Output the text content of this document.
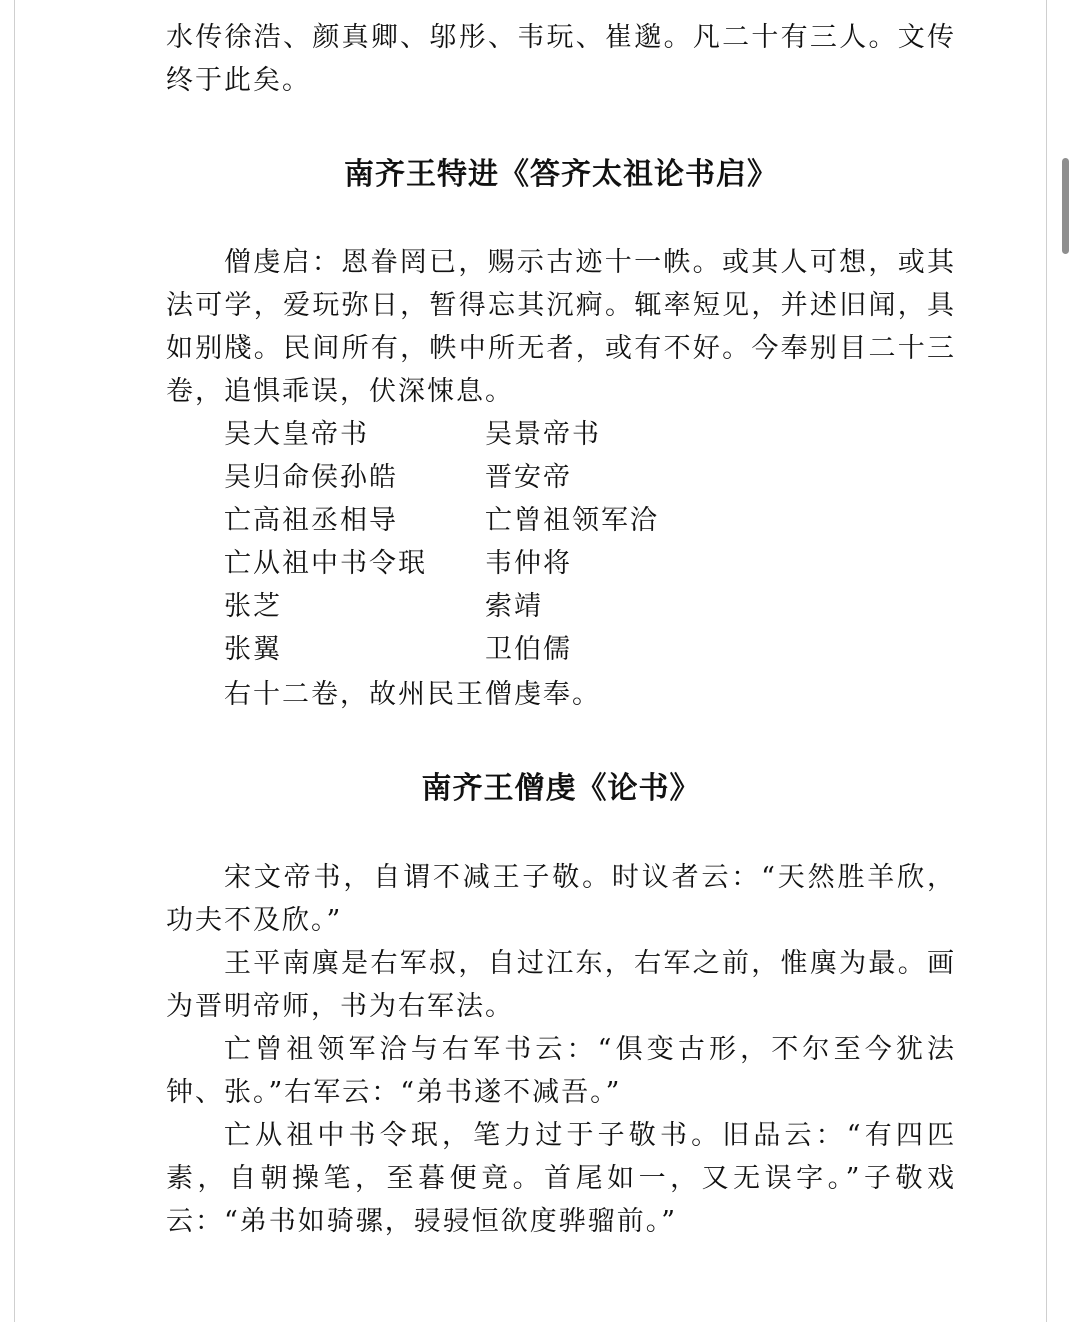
水传徐浩、颜真卿、邬彤、韦玩、崔邈。凡二十有三人。文传终于此矣。

南齐王特进《答齐太祖论书启》

僧虔启：恩眷罔已，赐示古迹十一帙。或其人可想，或其法可学，爱玩弥日，暂得忘其沉痾。辄率短见，并述旧闻，具如别牋。民间所有，帙中所无者，或有不好。今奉别目二十三卷，追惧乖误，伏深悚息。

吴大皇帝书	吴景帝书
吴归命侯孙皓	晋安帝
亡高祖丞相导	亡曾祖领军洽
亡从祖中书令珉	韦仲将
张芝	索靖
张翼	卫伯儒
右十二卷，故州民王僧虔奉。
南齐王僧虔《论书》

宋文帝书，自谓不减王子敬。时议者云：“天然胜羊欣，功夫不及欣。”

王平南廙是右军叔，自过江东，右军之前，惟廙为最。画为晋明帝师，书为右军法。

亡曾祖领军洽与右军书云：“俱变古形，不尔至今犹法钟、张。”右军云：“弟书遂不减吾。”

亡从祖中书令珉，笔力过于子敬书。旧品云：“有四匹素，自朝操笔，至暮便竟。首尾如一，又无误字。”子敬戏云：“弟书如骑骡，骎骎恒欲度骅骝前。”
